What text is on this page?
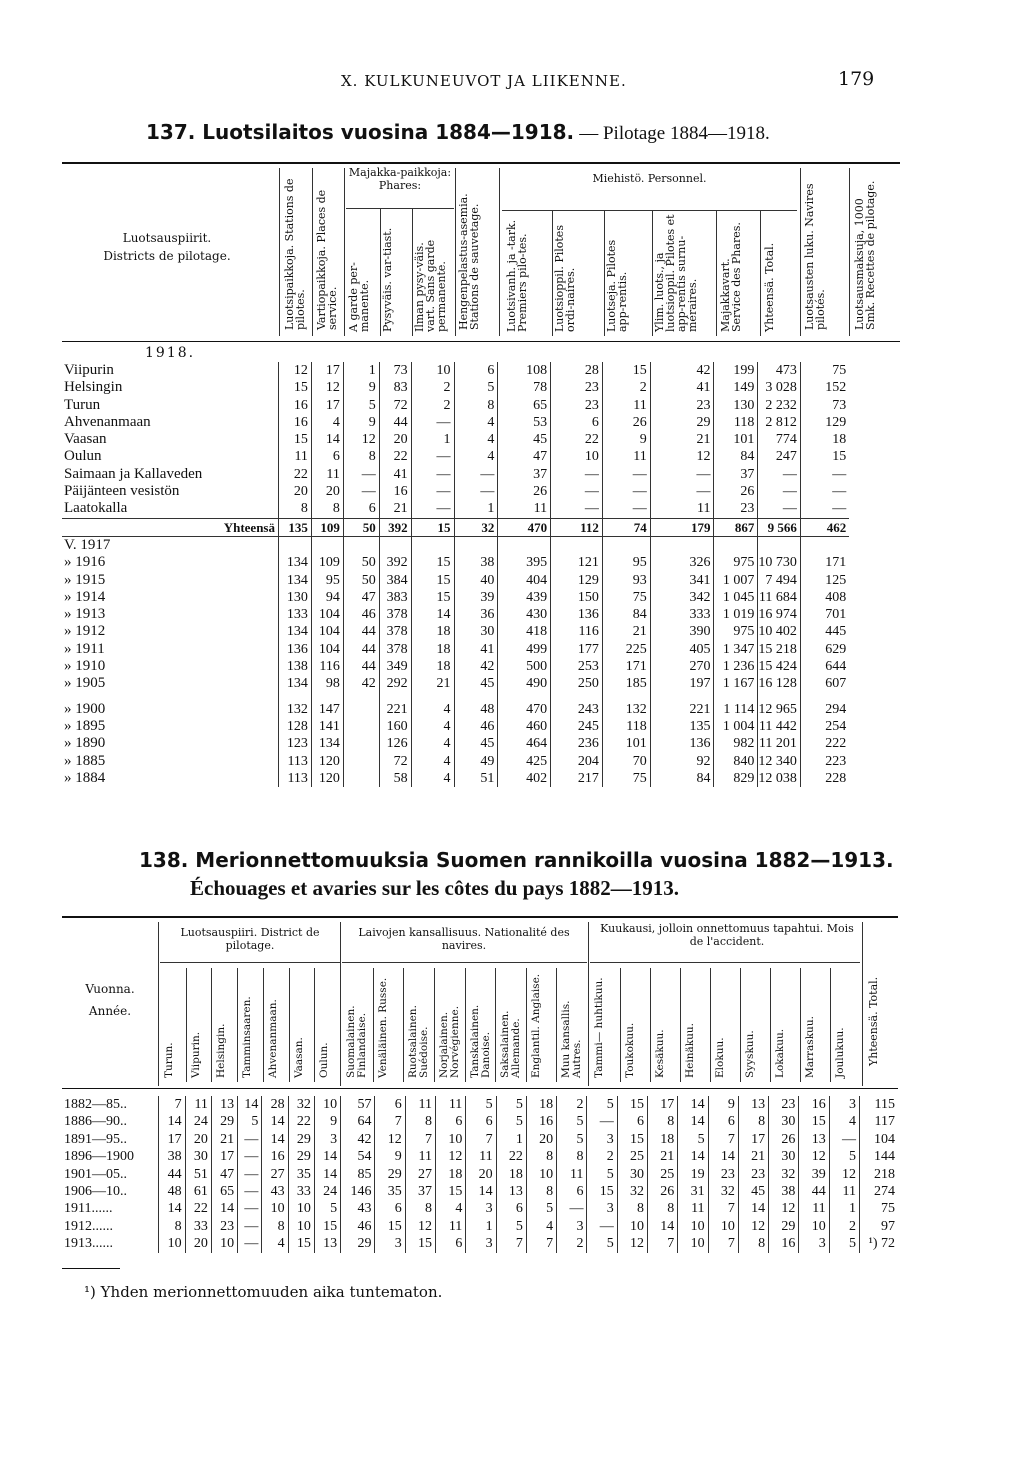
X. KULKUNEUVOT JA LIIKENNE.	179
137. Luotsilaitos vuosina 1884—1918. — Pilotage 1884—1918.
Luotsauspiirit.
Districts de pilotage.	Luotsipaikkoja. Stations de pilotes. Vartiopaikkoja. Places de service.
Majakka-paikkoja: Phares:
A garde per-manente. Pysyväis. var-tiast.	Ilman pysy-väis. vart. Sans garde permanente. Hengenpelastus-asemia. Stations de sauvetage.
Miehistö. Personnel.
Luotsivanh. ja -tark. Premiers pilo-tes.	Luotsioppil. Pilotes ordi-naires.	Luotseja. Pilotes app-rentis.	Ylim. luots., ja luotsioppil. Pilotes et app-rentis surnu-méraires.	Majakkavart. Service des Phares.	Yhteensä. Total.	Luotsausten luku. Navires pilotés.	Luotsausmaksuja, 1000 Smk. Recettes de pilotage.
1918.
Viipurin	12	17	1	73	10	6	108	28	15	42	199	473	75
Helsingin	15	12	9	83	2	5	78	23	2	41	149	3 028	152
Turun	16	17	5	72	2	8	65	23	11	23	130	2 232	73
Ahvenanmaan	16	4	9	44	—	4	53	6	26	29	118	2 812	129
Vaasan	15	14	12	20	1	4	45	22	9	21	101	774	18
Oulun	11	6	8	22	—	4	47	10	11	12	84	247	15
Saimaan ja Kallaveden	22	11	—	41	—	—	37	—	—	—	37	—	—
Päijänteen vesistön	20	20	—	16	—	—	26	—	—	—	26	—	—
Laatokalla	8	8	6	21	—	1	11	—	—	11	23	—	—
Yhteensä	135	109	50	392	15	32	470	112	74	179	867	9 566	462
V. 1917													
» 1916	134	109	50	392	15	38	395	121	95	326	975	10 730	171
» 1915	134	95	50	384	15	40	404	129	93	341	1 007	7 494	125
» 1914	130	94	47	383	15	39	439	150	75	342	1 045	11 684	408
» 1913	133	104	46	378	14	36	430	136	84	333	1 019	16 974	701
» 1912	134	104	44	378	18	30	418	116	21	390	975	10 402	445
» 1911	136	104	44	378	18	41	499	177	225	405	1 347	15 218	629
» 1910	138	116	44	349	18	42	500	253	171	270	1 236	15 424	644
» 1905	134	98	42	292	21	45	490	250	185	197	1 167	16 128	607
» 1900	132	147		221	4	48	470	243	132	221	1 114	12 965	294
» 1895	128	141		160	4	46	460	245	118	135	1 004	11 442	254
» 1890	123	134		126	4	45	464	236	101	136	982	11 201	222
» 1885	113	120		72	4	49	425	204	70	92	840	12 340	223
» 1884	113	120		58	4	51	402	217	75	84	829	12 038	228
138. Merionnettomuuksia Suomen rannikoilla vuosina 1882—1913.
Échouages et avaries sur les côtes du pays 1882—1913.
Vuonna.
Année.
Luotsauspiiri. District de pilotage.
Turun.	Viipurin.	Helsingin.	Tamminsaaren.	Ahvenanmaan.	Vaasan.	Oulun.
Laivojen kansallisuus. Nationalité des navires.
Suomalainen. Finlandaise. Venäläinen. Russe.	Ruotsalainen. Suédoise. Norjalainen. Norvégienne. Tanskalainen. Danoise. Saksalainen. Allemande. Englantil. Anglaise.	Muu kansallis. Autres.
Kuukausi, jolloin onnettomuus tapahtui. Mois de l'accident.
Tammi— huhtikuu.	Toukokuu.	Kesäkuu.	Heinäkuu.	Elokuu.	Syyskuu.	Lokakuu.	Marraskuu.	Joulukuu.	Yhteensä. Total.
1882—85..	7	11	13	14	28	32	10	57	6	11	11	5	5	18	2	5	15	17	14	9	13	23	16	3	115
1886—90..	14	24	29	5	14	22	9	64	7	8	6	6	5	16	5	—	6	8	14	6	8	30	15	4	117
1891—95..	17	20	21	—	14	29	3	42	12	7	10	7	1	20	5	3	15	18	5	7	17	26	13	—	104
1896—1900	38	30	17	—	16	29	14	54	9	11	12	11	22	8	8	2	25	21	14	14	21	30	12	5	144
1901—05..	44	51	47	—	27	35	14	85	29	27	18	20	18	10	11	5	30	25	19	23	23	32	39	12	218
1906—10..	48	61	65	—	43	33	24	146	35	37	15	14	13	8	6	15	32	26	31	32	45	38	44	11	274
1911......	14	22	14	—	10	10	5	43	6	8	4	3	6	5	—	3	8	8	11	7	14	12	11	1	75
1912......	8	33	23	—	8	10	15	46	15	12	11	1	5	4	3	—	10	14	10	10	12	29	10	2	97
1913......	10	20	10	—	4	15	13	29	3	15	6	3	7	7	2	5	12	7	10	7	8	16	3	5	¹) 72
¹) Yhden merionnettomuuden aika tuntematon.
